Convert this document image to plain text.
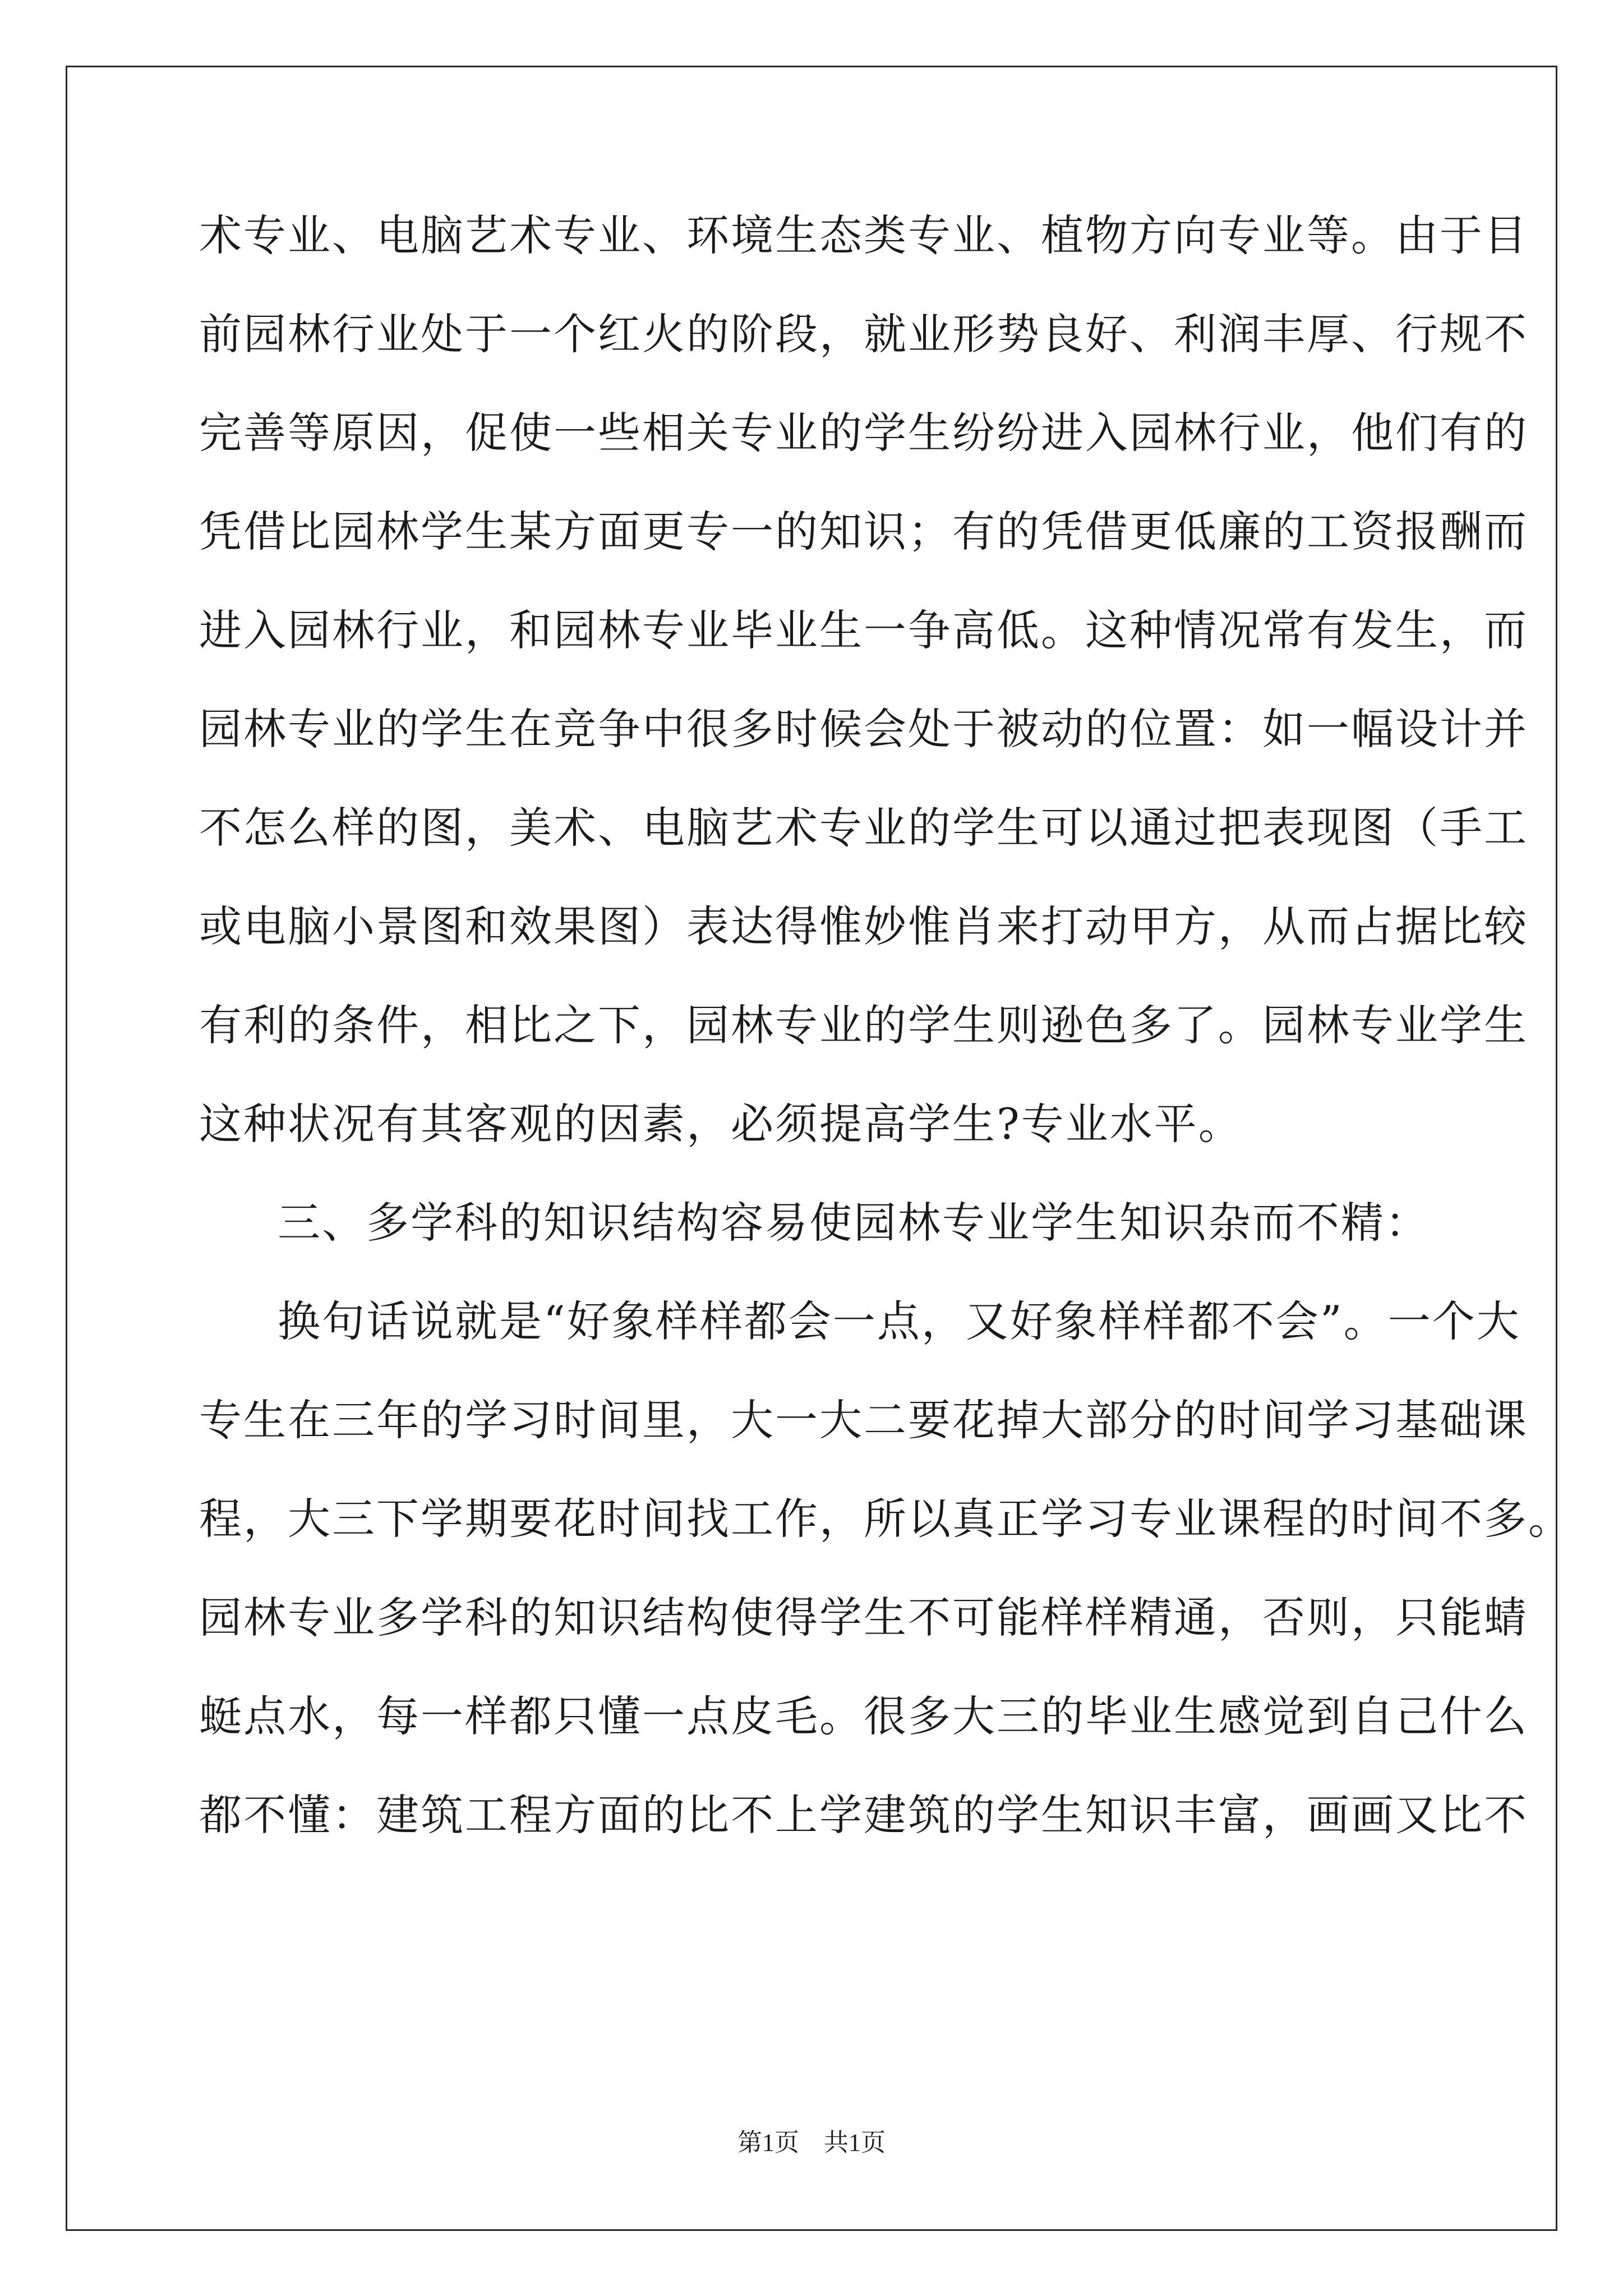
术专业、电脑艺术专业、环境生态类专业、植物方向专业等。由于目
前园林行业处于一个红火的阶段，就业形势良好、利润丰厚、行规不
完善等原因，促使一些相关专业的学生纷纷进入园林行业，他们有的
凭借比园林学生某方面更专一的知识；有的凭借更低廉的工资报酬而
进入园林行业，和园林专业毕业生一争高低。这种情况常有发生，而
园林专业的学生在竞争中很多时候会处于被动的位置：如一幅设计并
不怎么样的图，美术、电脑艺术专业的学生可以通过把表现图（手工
或电脑小景图和效果图）表达得惟妙惟肖来打动甲方，从而占据比较
有利的条件，相比之下，园林专业的学生则逊色多了。园林专业学生
这种状况有其客观的因素，必须提高学生?专业水平。
三、多学科的知识结构容易使园林专业学生知识杂而不精：
换句话说就是“好象样样都会一点，又好象样样都不会”。一个大
专生在三年的学习时间里，大一大二要花掉大部分的时间学习基础课
程，大三下学期要花时间找工作，所以真正学习专业课程的时间不多。
园林专业多学科的知识结构使得学生不可能样样精通，否则，只能蜻
蜓点水，每一样都只懂一点皮毛。很多大三的毕业生感觉到自己什么
都不懂：建筑工程方面的比不上学建筑的学生知识丰富，画画又比不
第1页　共1页
